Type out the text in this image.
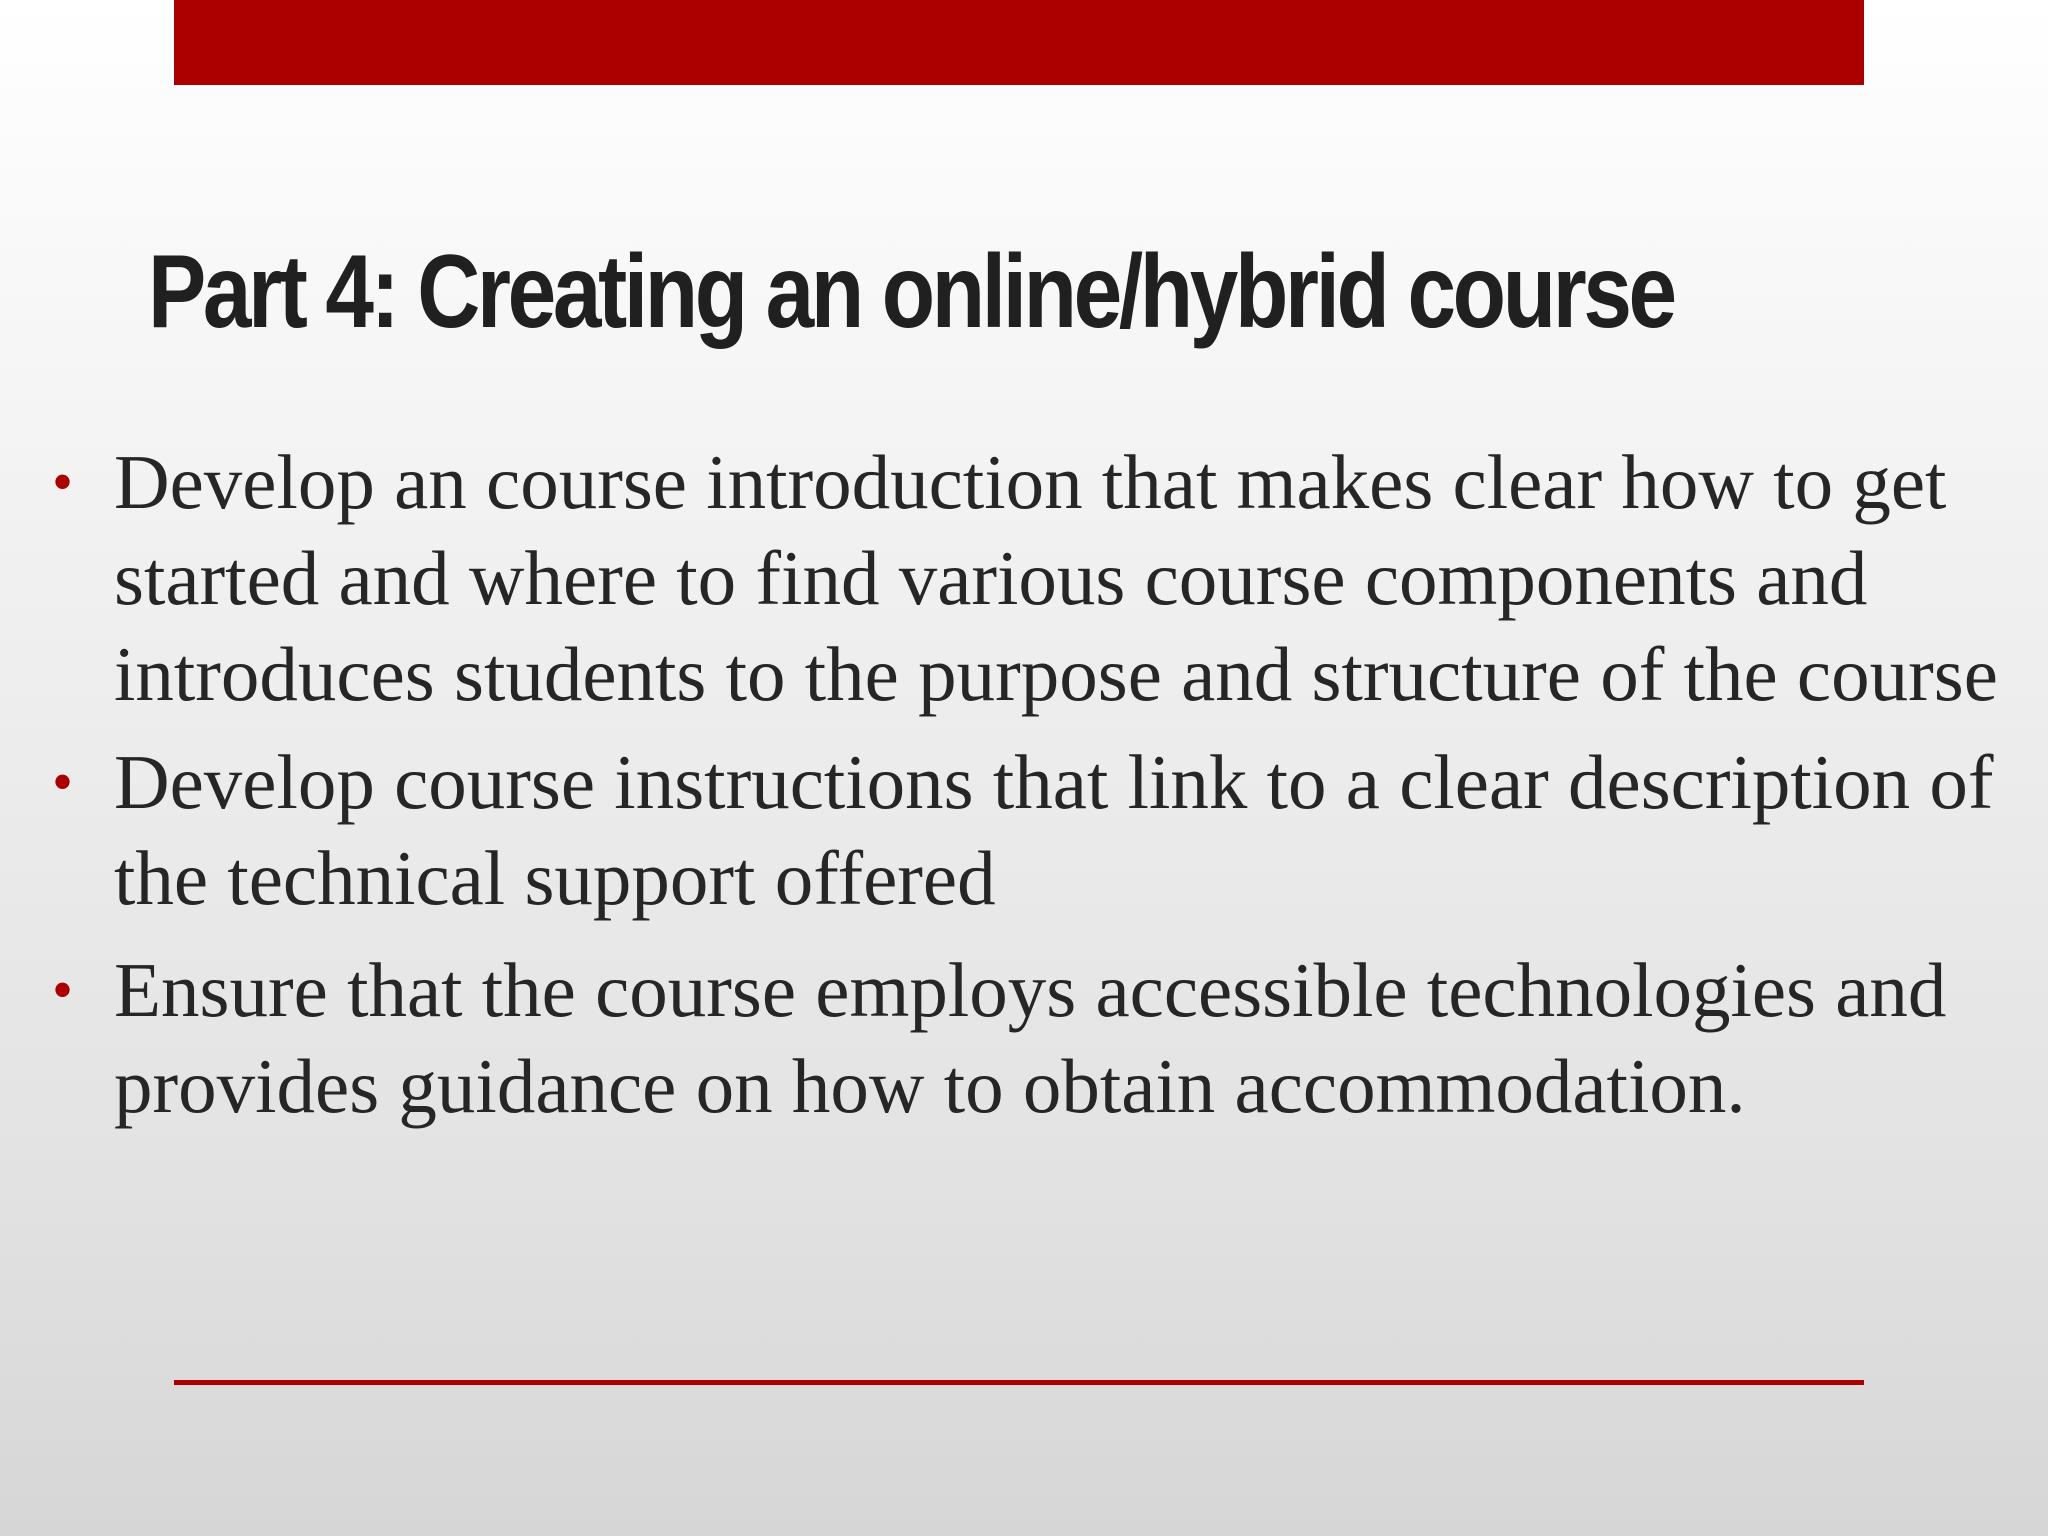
Part 4: Creating an online/hybrid course
• Develop an course introduction that makes clear how to get started and where to find various course components and introduces students to the purpose and structure of the course
• Develop course instructions that link to a clear description of the technical support offered
• Ensure that the course employs accessible technologies and provides guidance on how to obtain accommodation.
